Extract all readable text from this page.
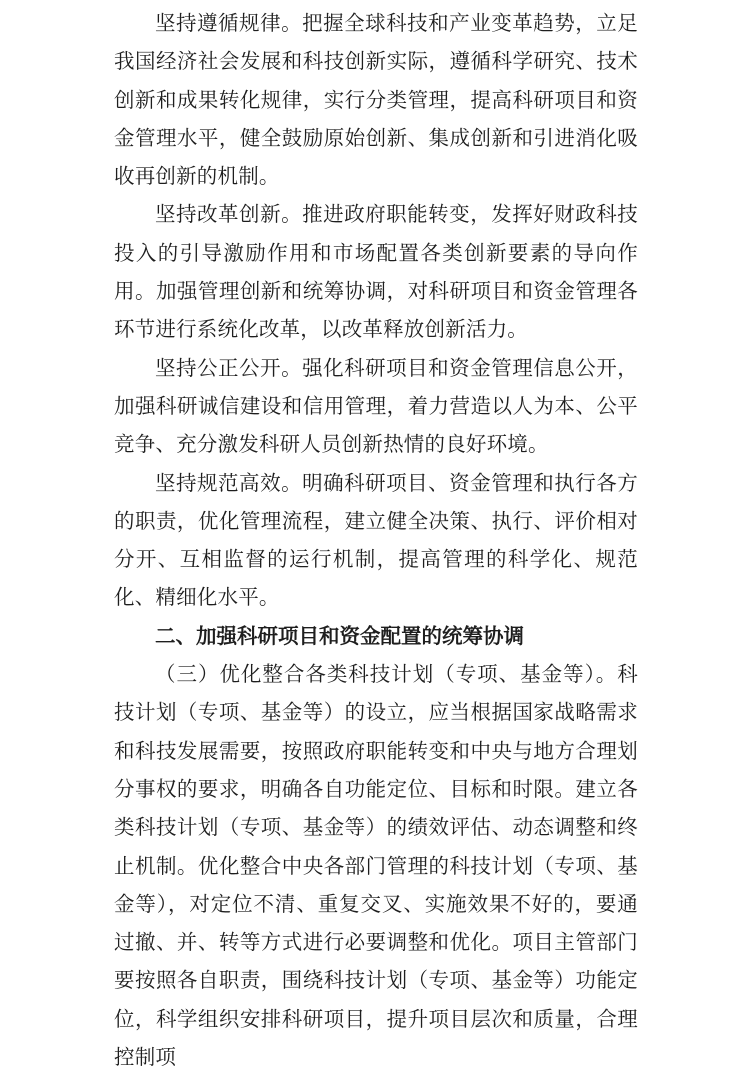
坚持遵循规律。把握全球科技和产业变革趋势，立足我国经济社会发展和科技创新实际，遵循科学研究、技术创新和成果转化规律，实行分类管理，提高科研项目和资金管理水平，健全鼓励原始创新、集成创新和引进消化吸收再创新的机制。

坚持改革创新。推进政府职能转变，发挥好财政科技投入的引导激励作用和市场配置各类创新要素的导向作用。加强管理创新和统筹协调，对科研项目和资金管理各环节进行系统化改革，以改革释放创新活力。

坚持公正公开。强化科研项目和资金管理信息公开，加强科研诚信建设和信用管理，着力营造以人为本、公平竞争、充分激发科研人员创新热情的良好环境。

坚持规范高效。明确科研项目、资金管理和执行各方的职责，优化管理流程，建立健全决策、执行、评价相对分开、互相监督的运行机制，提高管理的科学化、规范化、精细化水平。

二、加强科研项目和资金配置的统筹协调

（三）优化整合各类科技计划（专项、基金等）。科技计划（专项、基金等）的设立，应当根据国家战略需求和科技发展需要，按照政府职能转变和中央与地方合理划分事权的要求，明确各自功能定位、目标和时限。建立各类科技计划（专项、基金等）的绩效评估、动态调整和终止机制。优化整合中央各部门管理的科技计划（专项、基金等），对定位不清、重复交叉、实施效果不好的，要通过撤、并、转等方式进行必要调整和优化。项目主管部门要按照各自职责，围绕科技计划（专项、基金等）功能定位，科学组织安排科研项目，提升项目层次和质量，合理控制项
